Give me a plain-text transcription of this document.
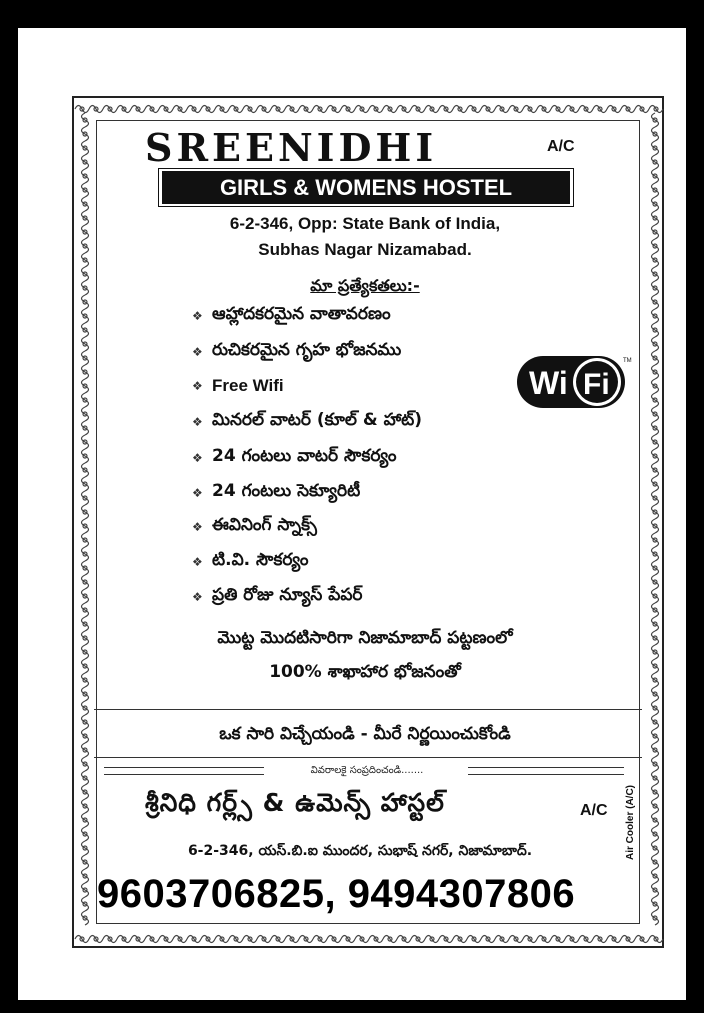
SREENIDHI	A/C
GIRLS & WOMENS HOSTEL
6-2-346, Opp: State Bank of India,
Subhas Nagar Nizamabad.
మా ప్రత్యేకతలు:-
❖ ఆహ్లాదకరమైన వాతావరణం
❖ రుచికరమైన గృహ భోజనము
❖ Free Wifi
❖ మినరల్ వాటర్ (కూల్ & హాట్)
❖ 24 గంటలు వాటర్ సౌకర్యం
❖ 24 గంటలు సెక్యూరిటీ
❖ ఈవినింగ్ స్నాక్స్
❖ టి.వి. సౌకర్యం
❖ ప్రతి రోజు న్యూస్ పేపర్
Wi Fi
TM
మొట్ట మొదటిసారిగా నిజామాబాద్ పట్టణంలో
100% శాఖాహార భోజనంతో
ఒక సారి విచ్చేయండి - మీరే నిర్ణయించుకోండి
వివరాలకై సంప్రదించండి.......
శ్రీనిధి గర్ల్స్ & ఉమెన్స్ హాస్టల్	A/C
6-2-346, యస్.బి.ఐ ముందర, సుభాష్ నగర్, నిజామాబాద్.
9603706825, 9494307806
Air Cooler (A/C)
